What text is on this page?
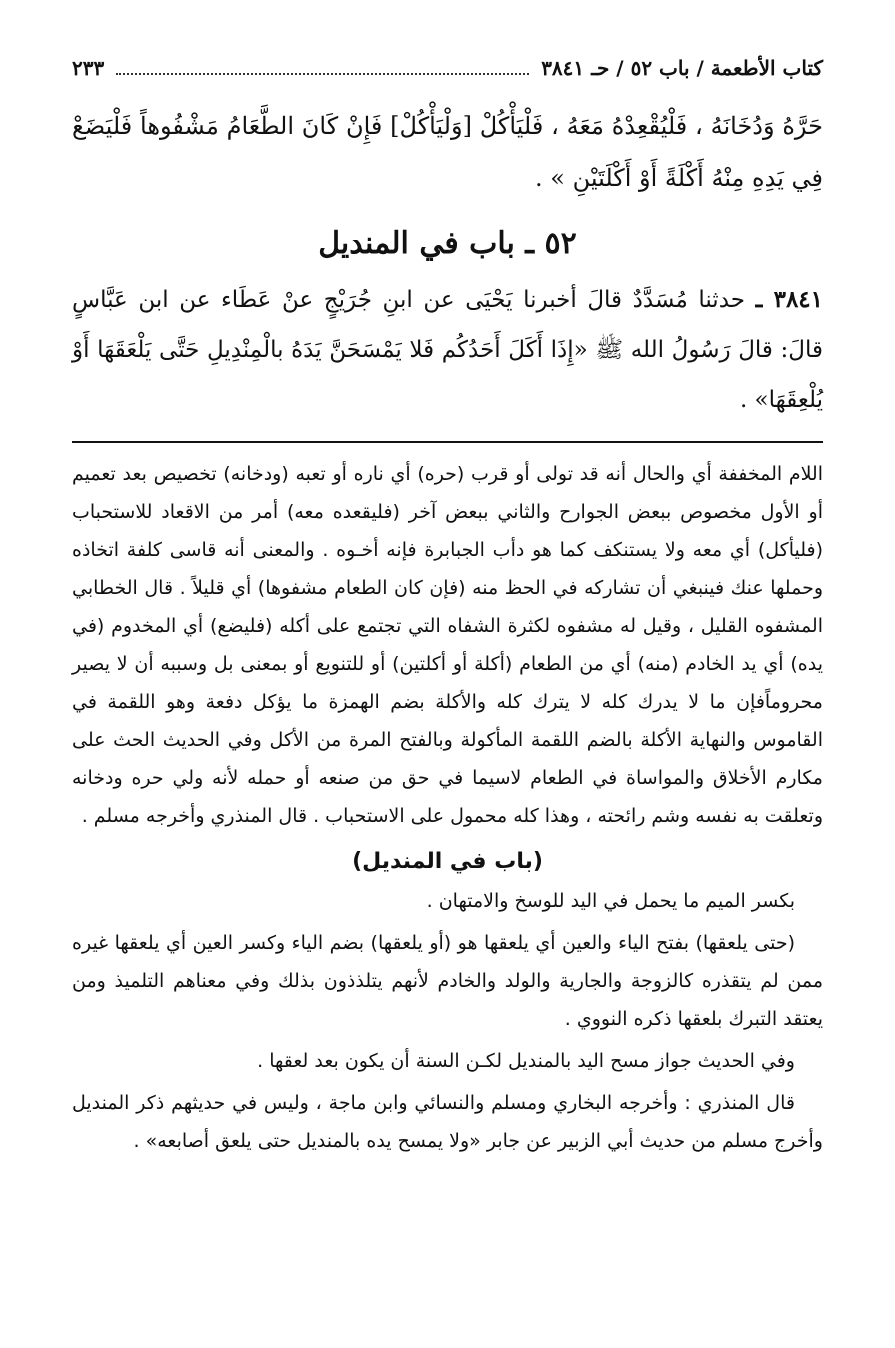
كتاب الأطعمة / باب ٥٢ / حـ ٣٨٤١
٢٣٣
حَرَّهُ وَدُخَانَهُ ، فَلْيُقْعِدْهُ مَعَهُ ، فَلْيَأْكُلْ [وَلْيَأْكُلْ] فَإِنْ كَانَ الطَّعَامُ مَشْفُوهاً فَلْيَضَعْ فِي يَدِهِ مِنْهُ أَكْلَةً أَوْ أَكْلَتَيْنِ » .
٥٢ ـ باب في المنديل
٣٨٤١ ـ حدثنا مُسَدَّدٌ قالَ أخبرنا يَحْيَى عن ابنِ جُرَيْجٍ عنْ عَطَاء عن ابن عَبَّاسٍ قالَ: قالَ رَسُولُ الله ﷺ «إِذَا أَكَلَ أَحَدُكُم فَلا يَمْسَحَنَّ يَدَهُ بالْمِنْدِيلِ حَتَّى يَلْعَقَهَا أَوْ يُلْعِقَهَا» .

اللام المخففة أي والحال أنه قد تولى أو قرب (حره) أي ناره أو تعبه (ودخانه) تخصيص بعد تعميم أو الأول مخصوص ببعض الجوارح والثاني ببعض آخر (فليقعده معه) أمر من الاقعاد للاستحباب (فليأكل) أي معه ولا يستنكف كما هو دأب الجبابرة فإنه أخـوه . والمعنى أنه قاسى كلفة اتخاذه وحملها عنك فينبغي أن تشاركه في الحظ منه (فإن كان الطعام مشفوها) أي قليلاً . قال الخطابي المشفوه القليل ، وقيل له مشفوه لكثرة الشفاه التي تجتمع على أكله (فليضع) أي المخدوم (في يده) أي يد الخادم (منه) أي من الطعام (أكلة أو أكلتين) أو للتنويع أو بمعنى بل وسببه أن لا يصير محروماًفإن ما لا يدرك كله لا يترك كله والأكلة بضم الهمزة ما يؤكل دفعة وهو اللقمة في القاموس والنهاية الأكلة بالضم اللقمة المأكولة وبالفتح المرة من الأكل وفي الحديث الحث على مكارم الأخلاق والمواساة في الطعام لاسيما في حق من صنعه أو حمله لأنه ولي حره ودخانه وتعلقت به نفسه وشم رائحته ، وهذا كله محمول على الاستحباب . قال المنذري وأخرجه مسلم .

(باب في المنديل)

بكسر الميم ما يحمل في اليد للوسخ والامتهان .

(حتى يلعقها) بفتح الياء والعين أي يلعقها هو (أو يلعقها) بضم الياء وكسر العين أي يلعقها غيره ممن لم يتقذره كالزوجة والجارية والولد والخادم لأنهم يتلذذون بذلك وفي معناهم التلميذ ومن يعتقد التبرك بلعقها ذكره النووي .

وفي الحديث جواز مسح اليد بالمنديل لكـن السنة أن يكون بعد لعقها .

قال المنذري : وأخرجه البخاري ومسلم والنسائي وابن ماجة ، وليس في حديثهم ذكر المنديل وأخرج مسلم من حديث أبي الزبير عن جابر «ولا يمسح يده بالمنديل حتى يلعق أصابعه» .
